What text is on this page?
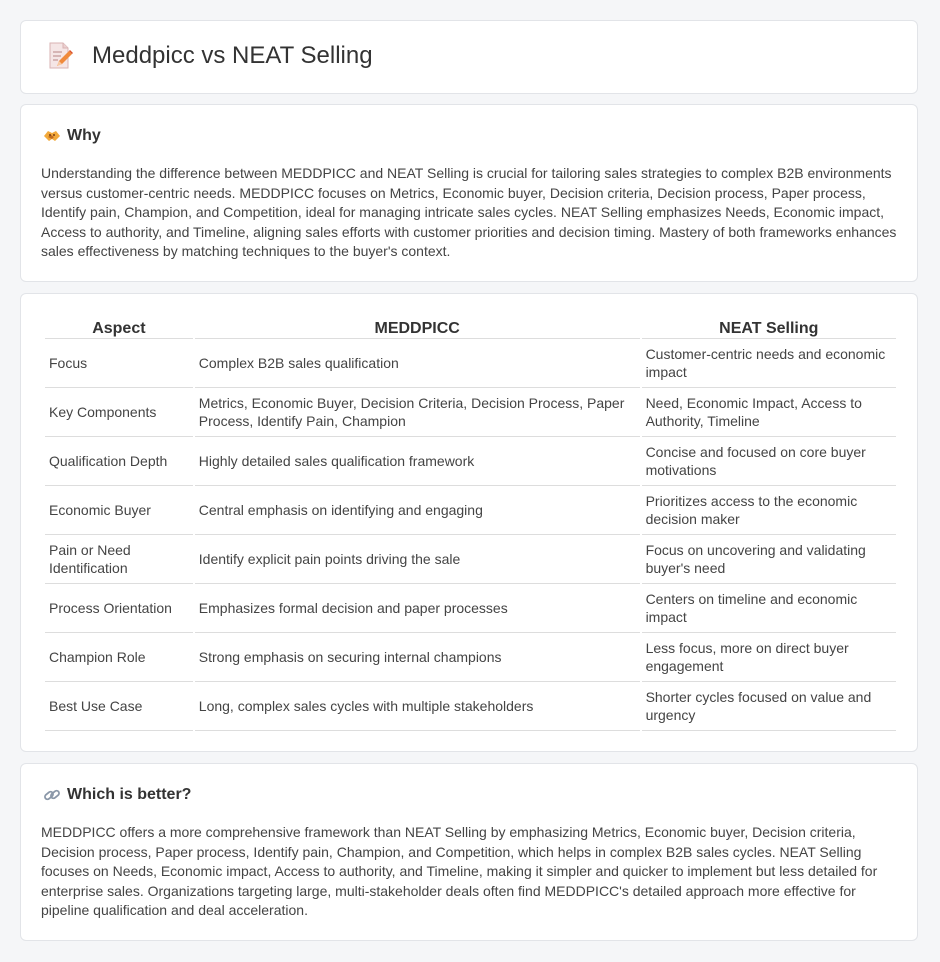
Meddpicc vs NEAT Selling
Why

Understanding the difference between MEDDPICC and NEAT Selling is crucial for tailoring sales strategies to complex B2B environments versus customer-centric needs. MEDDPICC focuses on Metrics, Economic buyer, Decision criteria, Decision process, Paper process, Identify pain, Champion, and Competition, ideal for managing intricate sales cycles. NEAT Selling emphasizes Needs, Economic impact, Access to authority, and Timeline, aligning sales efforts with customer priorities and decision timing. Mastery of both frameworks enhances sales effectiveness by matching techniques to the buyer's context.

Aspect	MEDDPICC	NEAT Selling
Focus	Complex B2B sales qualification	Customer-centric needs and economic impact
Key Components	Metrics, Economic Buyer, Decision Criteria, Decision Process, Paper Process, Identify Pain, Champion	Need, Economic Impact, Access to Authority, Timeline
Qualification Depth	Highly detailed sales qualification framework	Concise and focused on core buyer motivations
Economic Buyer	Central emphasis on identifying and engaging	Prioritizes access to the economic decision maker
Pain or Need Identification	Identify explicit pain points driving the sale	Focus on uncovering and validating buyer's need
Process Orientation	Emphasizes formal decision and paper processes	Centers on timeline and economic impact
Champion Role	Strong emphasis on securing internal champions	Less focus, more on direct buyer engagement
Best Use Case	Long, complex sales cycles with multiple stakeholders	Shorter cycles focused on value and urgency
Which is better?

MEDDPICC offers a more comprehensive framework than NEAT Selling by emphasizing Metrics, Economic buyer, Decision criteria, Decision process, Paper process, Identify pain, Champion, and Competition, which helps in complex B2B sales cycles. NEAT Selling focuses on Needs, Economic impact, Access to authority, and Timeline, making it simpler and quicker to implement but less detailed for enterprise sales. Organizations targeting large, multi-stakeholder deals often find MEDDPICC's detailed approach more effective for pipeline qualification and deal acceleration.
